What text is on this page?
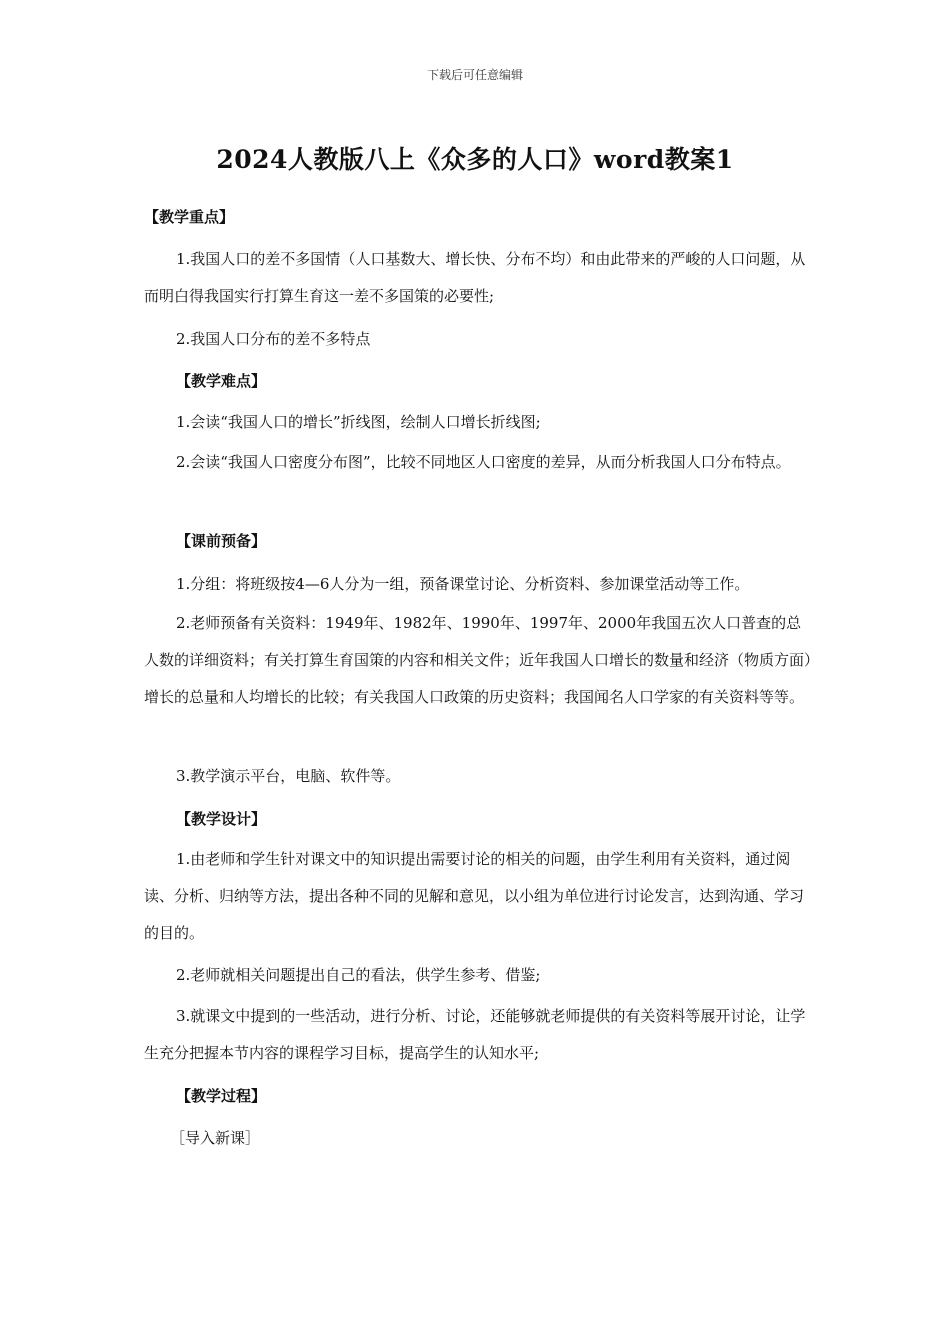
下载后可任意编辑
2024人教版八上《众多的人口》word教案1
【教学重点】
1.我国人口的差不多国情（人口基数大、增长快、分布不均）和由此带来的严峻的人口问题，从而明白得我国实行打算生育这一差不多国策的必要性;
2.我国人口分布的差不多特点
【教学难点】
1.会读“我国人口的增长”折线图，绘制人口增长折线图;
2.会读“我国人口密度分布图”，比较不同地区人口密度的差异，从而分析我国人口分布特点。
【课前预备】
1.分组：将班级按4—6人分为一组，预备课堂讨论、分析资料、参加课堂活动等工作。
2.老师预备有关资料：1949年、1982年、1990年、1997年、2000年我国五次人口普查的总人数的详细资料；有关打算生育国策的内容和相关文件；近年我国人口增长的数量和经济（物质方面）增长的总量和人均增长的比较；有关我国人口政策的历史资料；我国闻名人口学家的有关资料等等。
3.教学演示平台，电脑、软件等。
【教学设计】
1.由老师和学生针对课文中的知识提出需要讨论的相关的问题，由学生利用有关资料，通过阅读、分析、归纳等方法，提出各种不同的见解和意见，以小组为单位进行讨论发言，达到沟通、学习的目的。
2.老师就相关问题提出自己的看法，供学生参考、借鉴;
3.就课文中提到的一些活动，进行分析、讨论，还能够就老师提供的有关资料等展开讨论，让学生充分把握本节内容的课程学习目标，提高学生的认知水平;
【教学过程】
［导入新课］
